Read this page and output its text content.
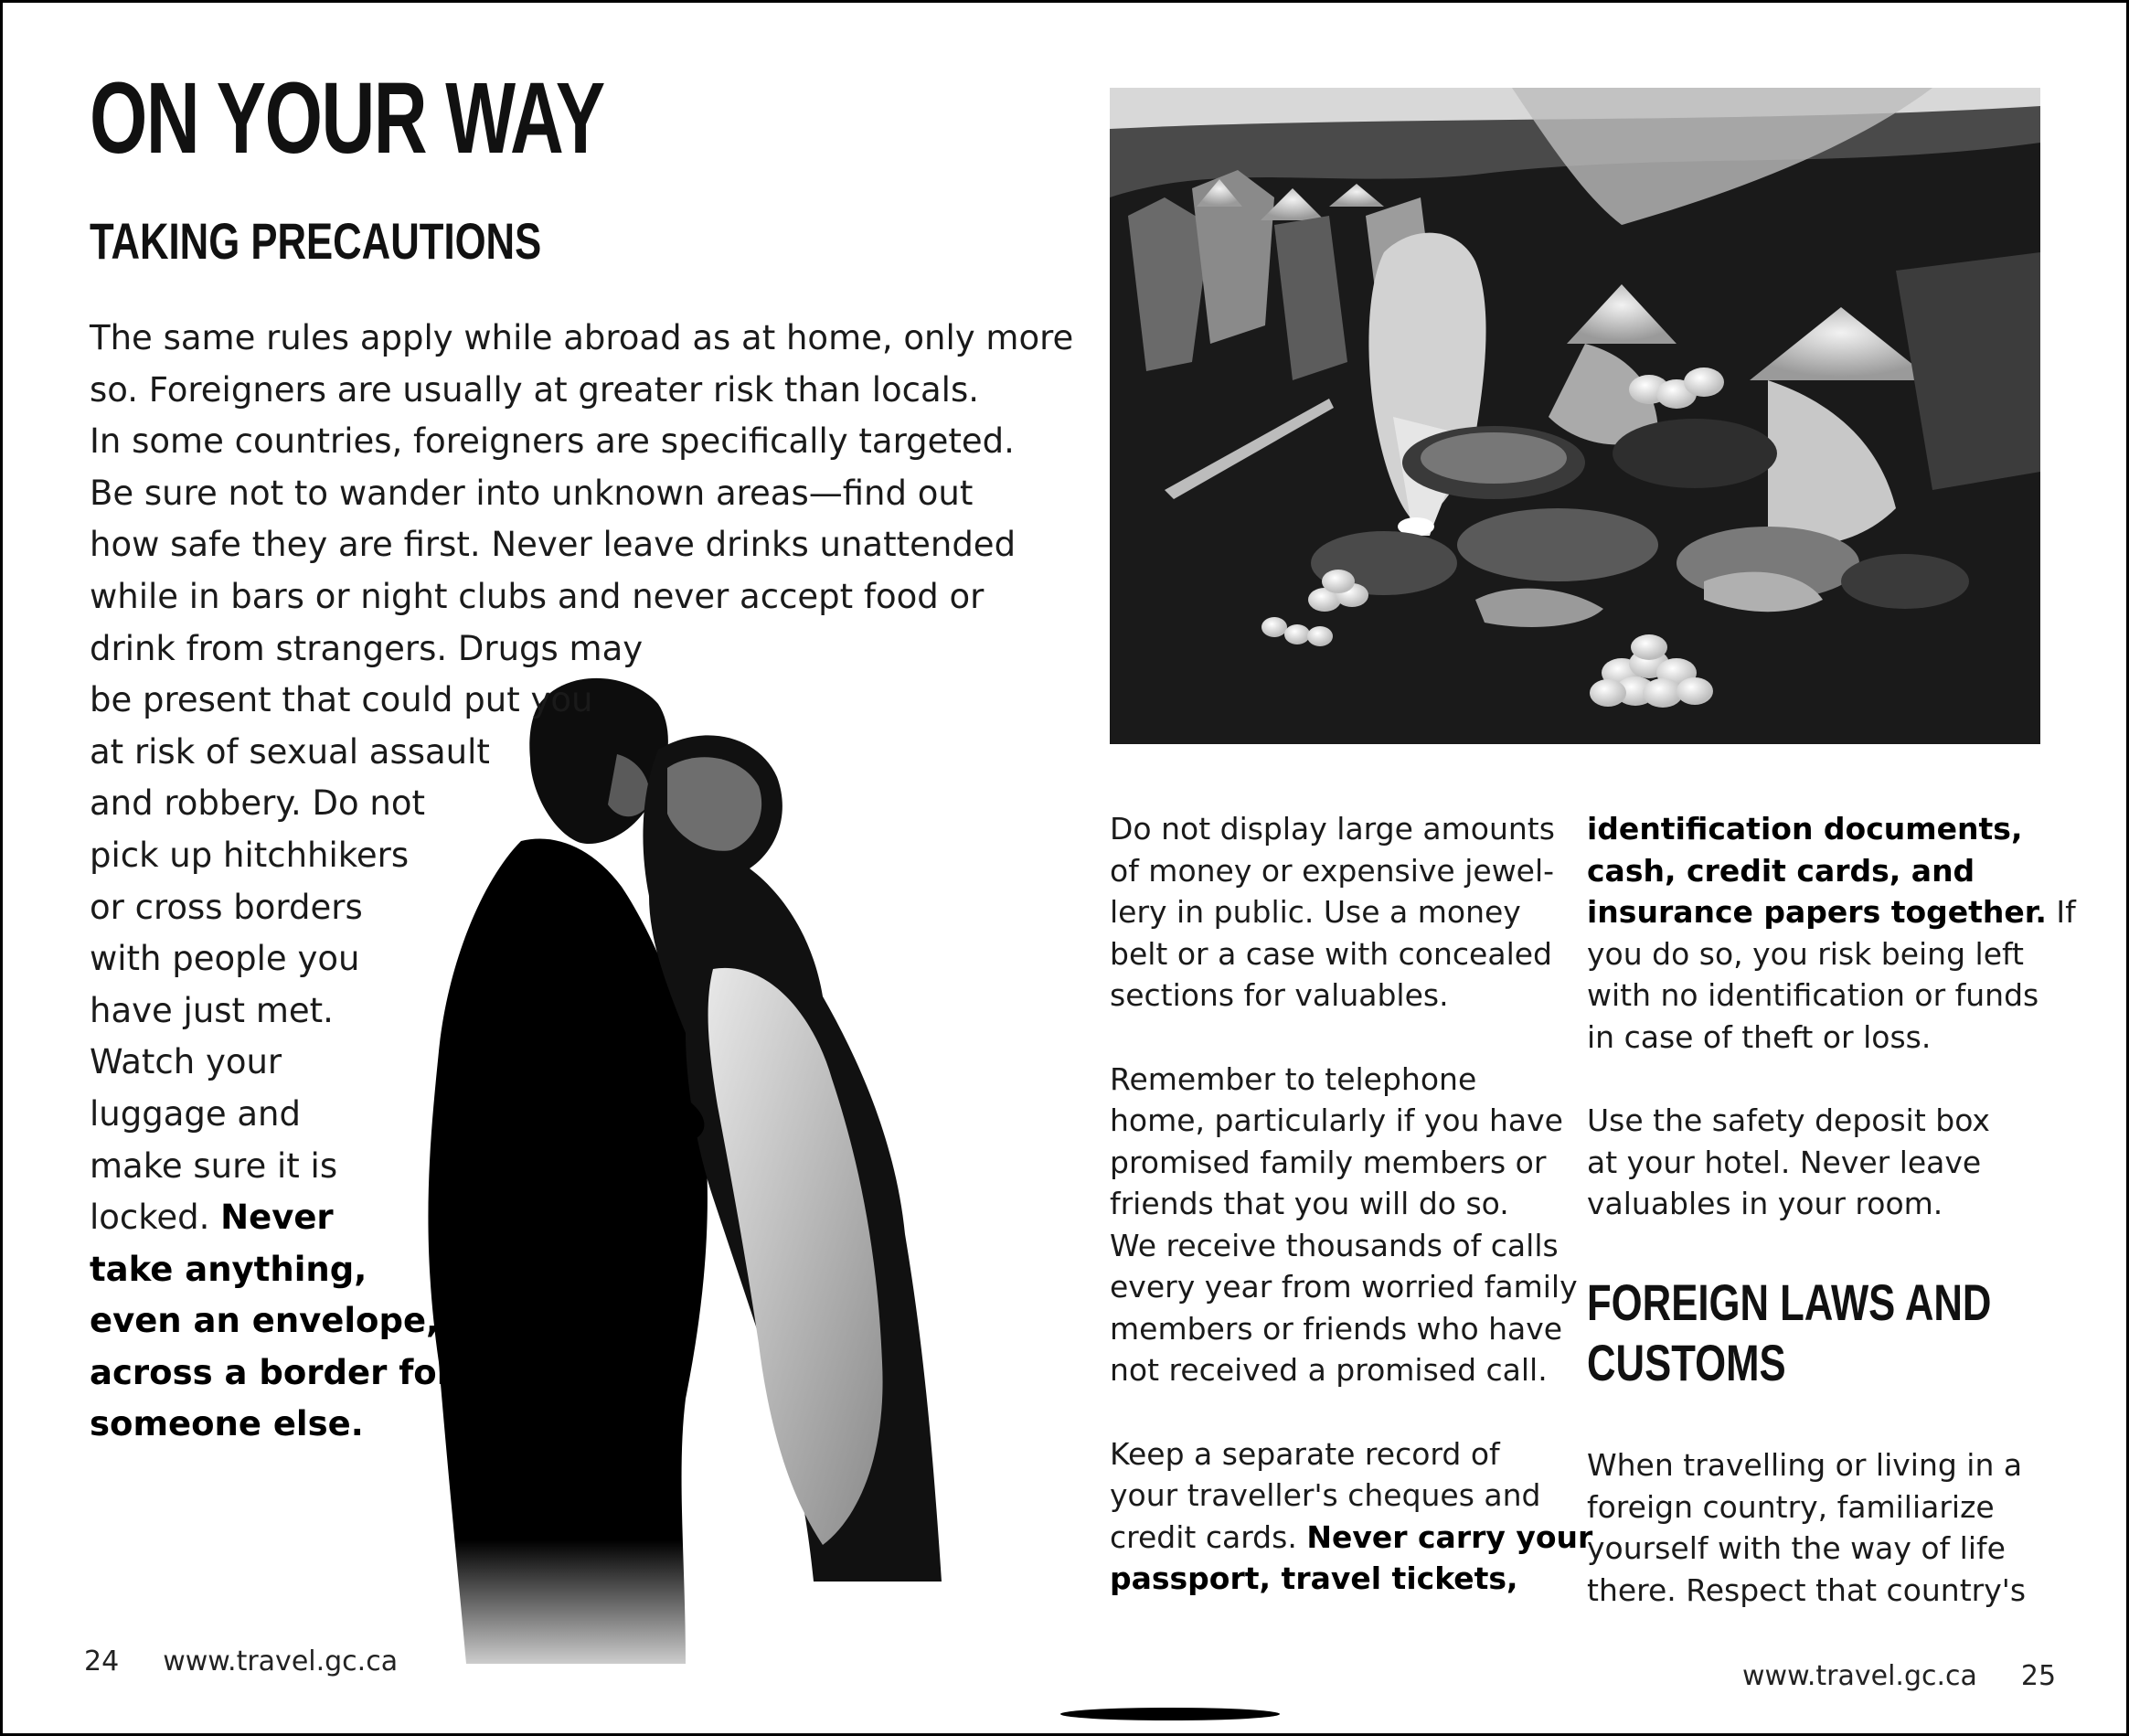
ON YOUR WAY
TAKING PRECAUTIONS
The same rules apply while abroad as at home, only more
so. Foreigners are usually at greater risk than locals.
In some countries, foreigners are specifically targeted.
Be sure not to wander into unknown areas—find out
how safe they are first. Never leave drinks unattended
while in bars or night clubs and never accept food or
drink from strangers. Drugs may
be present that could put you
at risk of sexual assault
and robbery. Do not
pick up hitchhikers
or cross borders
with people you
have just met.
Watch your
luggage and
make sure it is
locked. Never
take anything,
even an envelope,
across a border for
someone else.

Do not display large amounts
of money or expensive jewel-
lery in public. Use a money
belt or a case with concealed
sections for valuables.

Remember to telephone
home, particularly if you have
promised family members or
friends that you will do so.
We receive thousands of calls
every year from worried family
members or friends who have
not received a promised call.

Keep a separate record of
your traveller's cheques and
credit cards. Never carry your
passport, travel tickets,

identification documents,
cash, credit cards, and
insurance papers together. If
you do so, you risk being left
with no identification or funds
in case of theft or loss.

Use the safety deposit box
at your hotel. Never leave
valuables in your room.

When travelling or living in a
foreign country, familiarize
yourself with the way of life
there. Respect that country's

FOREIGN LAWS AND
CUSTOMS
24 www.travel.gc.ca	www.travel.gc.ca 25
